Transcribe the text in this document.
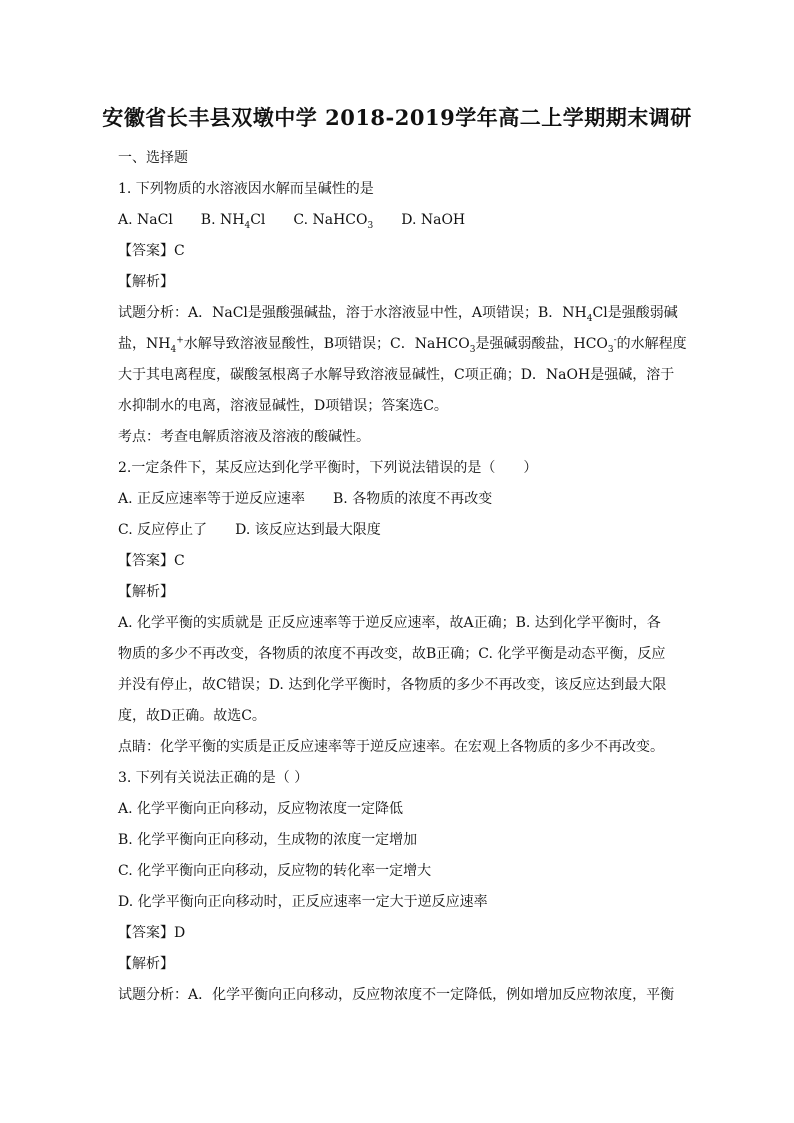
安徽省长丰县双墩中学 2018-2019学年高二上学期期末调研
一、选择题
1. 下列物质的水溶液因水解而呈碱性的是
A. NaCl B. $NH_4Cl$ C. NaHCO$_3$ D. NaOH
【答案】C
【解析】
试题分析：A．NaCl是强酸强碱盐，溶于水溶液显中性，A项错误；B．$NH_4Cl$是强酸弱碱
盐，$NH_4^+$水解导致溶液显酸性，B项错误；C．NaHCO$_3$是强碱弱酸盐，$HCO_3^-$的水解程度
大于其电离程度，碳酸氢根离子水解导致溶液显碱性，C项正确；D．NaOH是强碱，溶于
水抑制水的电离，溶液显碱性，D项错误；答案选C。
考点：考查电解质溶液及溶液的酸碱性。
2.一定条件下，某反应达到化学平衡时，下列说法错误的是（　　）
A. 正反应速率等于逆反应速率 B. 各物质的浓度不再改变
C. 反应停止了 D. 该反应达到最大限度
【答案】C
【解析】
A. 化学平衡的实质就是 正反应速率等于逆反应速率，故A正确；B. 达到化学平衡时，各
物质的多少不再改变，各物质的浓度不再改变，故B正确；C. 化学平衡是动态平衡，反应
并没有停止，故C错误；D. 达到化学平衡时，各物质的多少不再改变，该反应达到最大限
度，故D正确。故选C。
点睛：化学平衡的实质是正反应速率等于逆反应速率。在宏观上各物质的多少不再改变。
3. 下列有关说法正确的是（ ）
A. 化学平衡向正向移动，反应物浓度一定降低
B. 化学平衡向正向移动，生成物的浓度一定增加
C. 化学平衡向正向移动，反应物的转化率一定增大
D. 化学平衡向正向移动时，正反应速率一定大于逆反应速率
【答案】D
【解析】
试题分析：A．化学平衡向正向移动，反应物浓度不一定降低，例如增加反应物浓度，平衡
